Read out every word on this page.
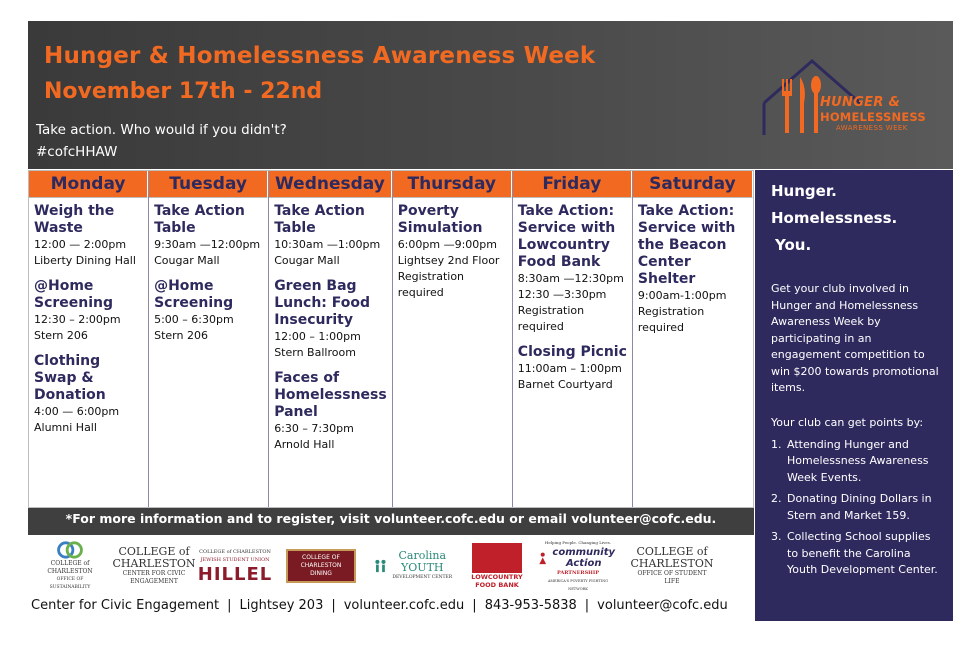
Hunger & Homelessness Awareness Week
November 17th - 22nd
Take action. Who would if you didn't?
#cofcHHAW
HUNGER &
HOMELESSNESS
AWARENESS WEEK
Monday
Weigh the Waste
12:00 — 2:00pm
Liberty Dining Hall
@Home Screening
12:30 – 2:00pm
Stern 206
Clothing Swap & Donation
4:00 — 6:00pm
Alumni Hall
Tuesday
Take Action Table
9:30am —12:00pm
Cougar Mall
@Home Screening
5:00 – 6:30pm
Stern 206
Wednesday
Take Action Table
10:30am —1:00pm
Cougar Mall
Green Bag Lunch: Food Insecurity
12:00 – 1:00pm
Stern Ballroom
Faces of Homelessness Panel
6:30 – 7:30pm
Arnold Hall
Thursday
Poverty Simulation
6:00pm —9:00pm
Lightsey 2nd Floor
Registration required
Friday
Take Action: Service with Lowcountry Food Bank
8:30am —12:30pm
12:30 —3:30pm
Registration required
Closing Picnic
11:00am – 1:00pm
Barnet Courtyard
Saturday
Take Action: Service with the Beacon Center Shelter
9:00am-1:00pm
Registration required
*For more information and to register, visit volunteer.cofc.edu or email volunteer@cofc.edu.
Hunger.
Homelessness.
You.
Get your club involved in Hunger and Homelessness Awareness Week by participating in an engagement competition to win $200 towards promotional items.
Your club can get points by:
1. Attending Hunger and Homelessness Awareness Week Events.
2. Donating Dining Dollars in Stern and Market 159.
3. Collecting School supplies to benefit the Carolina Youth Development Center.
COLLEGE of CHARLESTON
OFFICE OF SUSTAINABILITY
COLLEGE of CHARLESTON
CENTER FOR CIVIC ENGAGEMENT
COLLEGE of CHARLESTON
JEWISH STUDENT UNION
HILLEL
COLLEGE OF CHARLESTON DINING
Carolina YOUTH
DEVELOPMENT CENTER	LOWCOUNTRY FOOD BANK
Helping People. Changing Lives.
community Action
PARTNERSHIP
AMERICA'S POVERTY FIGHTING NETWORK
COLLEGE of CHARLESTON
OFFICE OF STUDENT LIFE
Center for Civic Engagement | Lightsey 203 | volunteer.cofc.edu | 843-953-5838 | volunteer@cofc.edu
